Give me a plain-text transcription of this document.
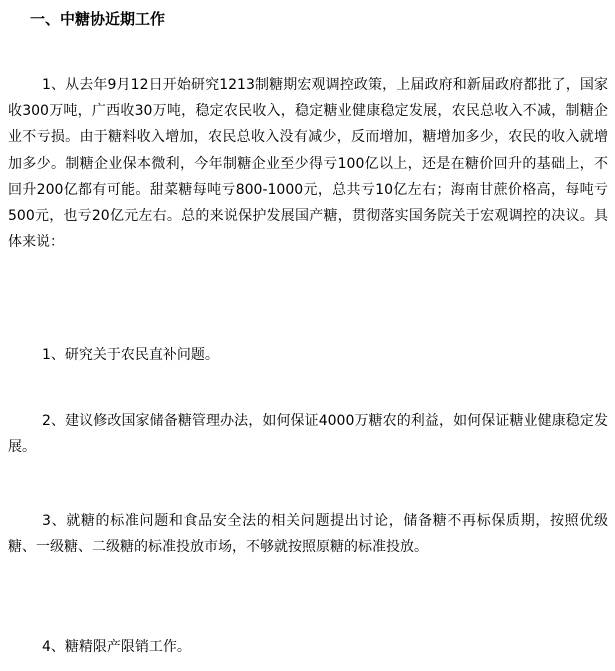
一、中糖协近期工作

1、从去年9月12日开始研究1213制糖期宏观调控政策，上届政府和新届政府都批了，国家收300万吨，广西收30万吨，稳定农民收入，稳定糖业健康稳定发展，农民总收入不减，制糖企业不亏损。由于糖料收入增加，农民总收入没有减少，反而增加，糖增加多少，农民的收入就增加多少。制糖企业保本微利，今年制糖企业至少得亏100亿以上，还是在糖价回升的基础上，不回升200亿都有可能。甜菜糖每吨亏800-1000元，总共亏10亿左右；海南甘蔗价格高，每吨亏500元，也亏20亿元左右。总的来说保护发展国产糖，贯彻落实国务院关于宏观调控的决议。具体来说：

1、研究关于农民直补问题。

2、建议修改国家储备糖管理办法，如何保证4000万糖农的利益，如何保证糖业健康稳定发展。

3、就糖的标准问题和食品安全法的相关问题提出讨论，储备糖不再标保质期，按照优级糖、一级糖、二级糖的标准投放市场，不够就按照原糖的标准投放。

4、糖精限产限销工作。
